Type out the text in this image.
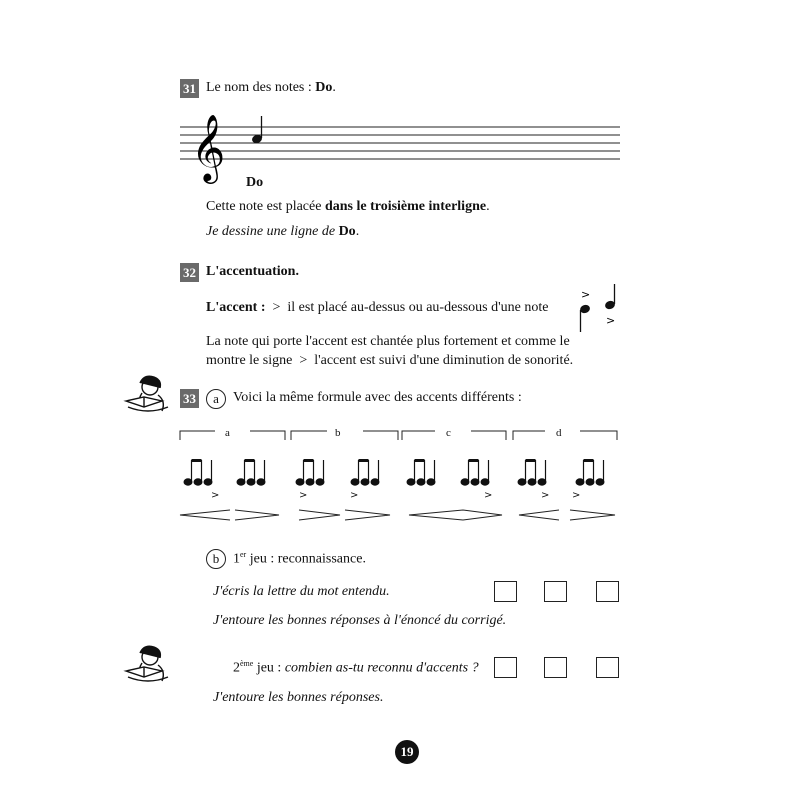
31 Le nom des notes : Do.
𝄞
Do
Cette note est placée dans le troisième interligne.
Je dessine une ligne de Do.
32 L'accentuation.
L'accent : > il est placé au-dessus ou au-dessous d'une note
>
>
La note qui porte l'accent est chantée plus fortement et comme le
montre le signe > l'accent est suivi d'une diminution de sonorité.
33	a	Voici la même formule avec des accents différents :
>	>	>	>	> >
a	b	c	d
b 1er jeu : reconnaissance.
J'écris la lettre du mot entendu.
J'entoure les bonnes réponses à l'énoncé du corrigé.
2ème jeu : combien as-tu reconnu d'accents ?
J'entoure les bonnes réponses.
19
